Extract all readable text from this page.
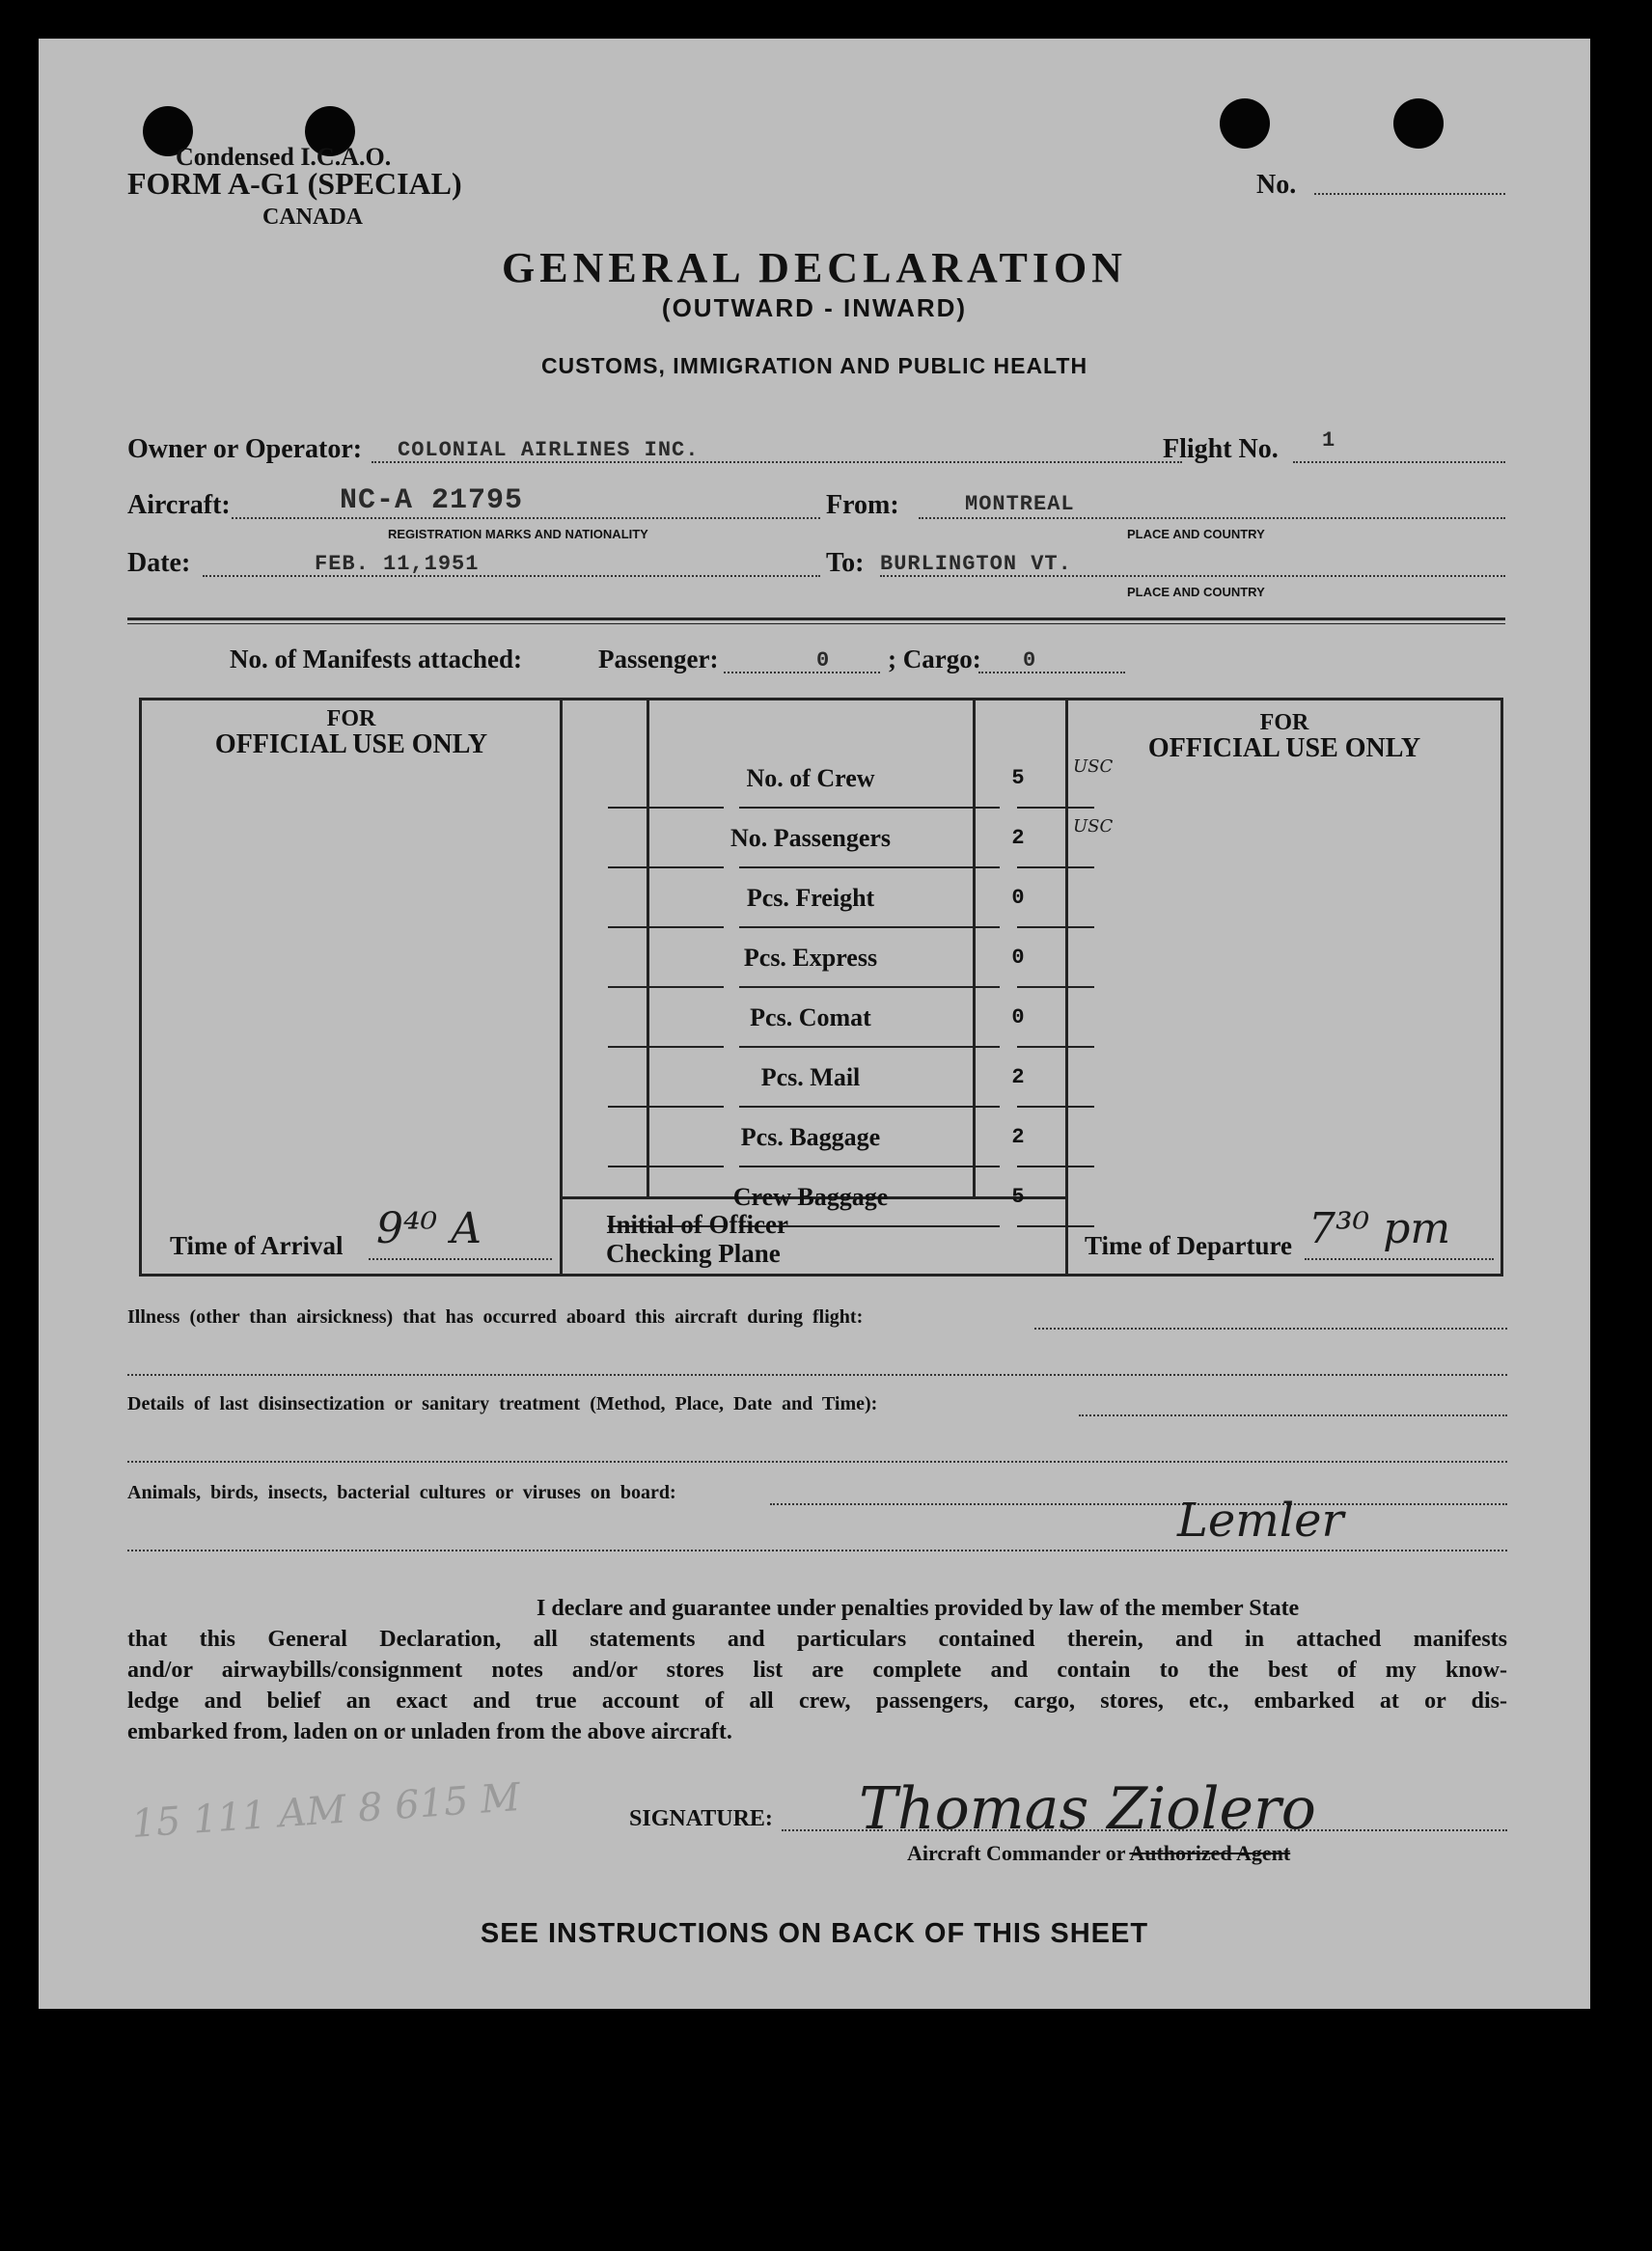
Condensed I.C.A.O.
FORM A-G1 (SPECIAL)
CANADA
No.
GENERAL DECLARATION
(OUTWARD - INWARD)
CUSTOMS, IMMIGRATION AND PUBLIC HEALTH
Owner or Operator: COLONIAL AIRLINES INC.	Flight No. 1
Aircraft:	NC-A 21795
REGISTRATION MARKS AND NATIONALITY
From:	MONTREAL
PLACE AND COUNTRY
Date:	FEB. 11,1951	To: BURLINGTON VT.
PLACE AND COUNTRY
No. of Manifests attached:	Passenger:	0 ; Cargo: 0
FOR
OFFICIAL USE ONLY
Time of Arrival 9⁴⁰ A
FOR
OFFICIAL USE ONLY
Time of Departure 7³⁰ pm
No. of Crew	5	USC
No. Passengers	2	USC
Pcs. Freight	0
Pcs. Express	0
Pcs. Comat	0
Pcs. Mail	2
Pcs. Baggage	2
Crew Baggage	5
Initial of Officer
Checking Plane
Illness (other than airsickness) that has occurred aboard this aircraft during flight:
Details of last disinsectization or sanitary treatment (Method, Place, Date and Time):
Animals, birds, insects, bacterial cultures or viruses on board:
Lemler
I declare and guarantee under penalties provided by law of the member State
that this General Declaration, all statements and particulars contained therein, and in attached manifests
and/or airwaybills/consignment notes and/or stores list are complete and contain to the best of my know-
ledge and belief an exact and true account of all crew, passengers, cargo, stores, etc., embarked at or dis-
embarked from, laden on or unladen from the above aircraft.
15 111 AM 8 615 M	SIGNATURE: Thomas Ziolero
Aircraft Commander or Authorized Agent
SEE INSTRUCTIONS ON BACK OF THIS SHEET
